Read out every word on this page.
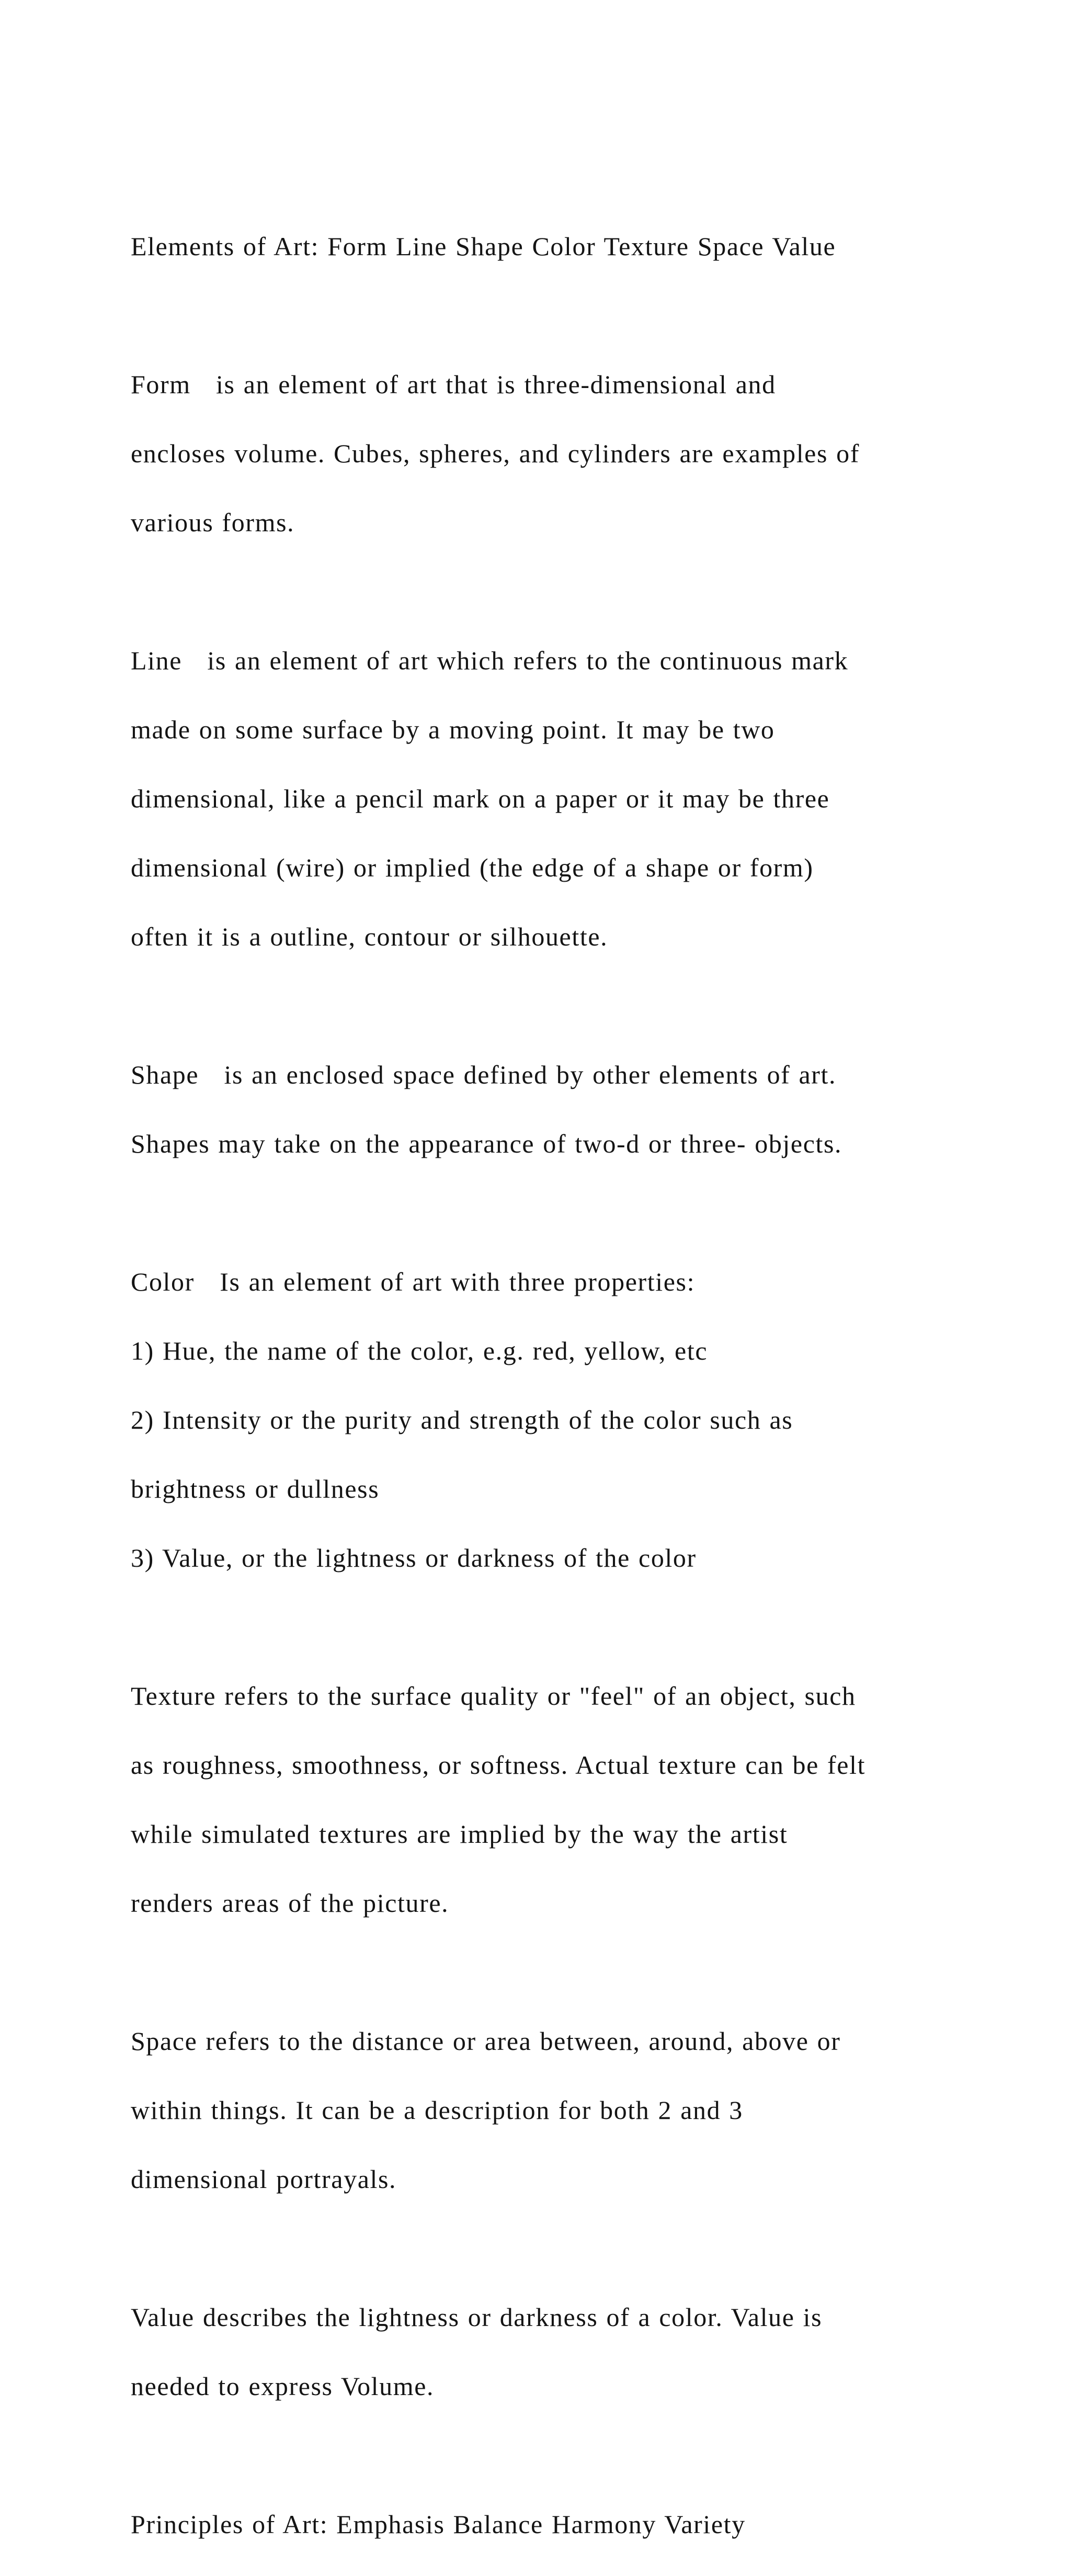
Elements of Art: Form Line Shape Color Texture Space Value

Form   is an element of art that is three-dimensional and

encloses volume. Cubes, spheres, and cylinders are examples of

various forms.

Line   is an element of art which refers to the continuous mark

made on some surface by a moving point. It may be two

dimensional, like a pencil mark on a paper or it may be three

dimensional (wire) or implied (the edge of a shape or form)

often it is a outline, contour or silhouette.

Shape   is an enclosed space defined by other elements of art.

Shapes may take on the appearance of two-d or three- objects.

Color   Is an element of art with three properties:

1) Hue, the name of the color, e.g. red, yellow, etc

2) Intensity or the purity and strength of the color such as

brightness or dullness

3) Value, or the lightness or darkness of the color

Texture refers to the surface quality or "feel" of an object, such

as roughness, smoothness, or softness. Actual texture can be felt

while simulated textures are implied by the way the artist

renders areas of the picture.

Space refers to the distance or area between, around, above or

within things. It can be a description for both 2 and 3

dimensional portrayals.

Value describes the lightness or darkness of a color. Value is

needed to express Volume.

Principles of Art: Emphasis Balance Harmony Variety
